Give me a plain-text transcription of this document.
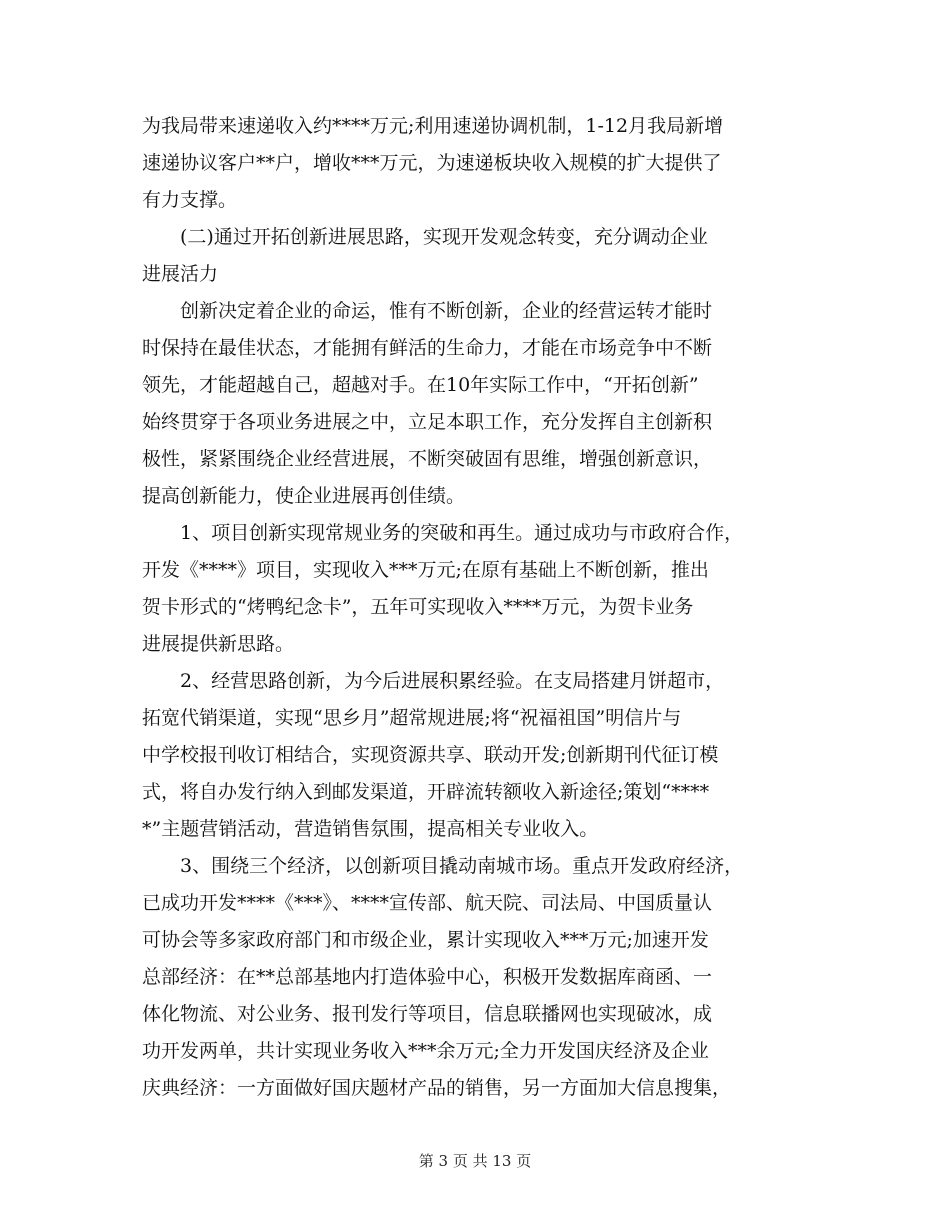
为我局带来速递收入约****万元;利用速递协调机制，1-12月我局新增
速递协议客户**户，增收***万元，为速递板块收入规模的扩大提供了
有力支撑。
(二)通过开拓创新进展思路，实现开发观念转变，充分调动企业
进展活力
创新决定着企业的命运，惟有不断创新，企业的经营运转才能时
时保持在最佳状态，才能拥有鲜活的生命力，才能在市场竞争中不断
领先，才能超越自己，超越对手。在10年实际工作中，“开拓创新”
始终贯穿于各项业务进展之中，立足本职工作，充分发挥自主创新积
极性，紧紧围绕企业经营进展，不断突破固有思维，增强创新意识，
提高创新能力，使企业进展再创佳绩。
1、项目创新实现常规业务的突破和再生。通过成功与市政府合作，
开发《****》项目，实现收入***万元;在原有基础上不断创新，推出
贺卡形式的“烤鸭纪念卡”，五年可实现收入****万元，为贺卡业务
进展提供新思路。
2、经营思路创新，为今后进展积累经验。在支局搭建月饼超市，
拓宽代销渠道，实现“思乡月”超常规进展;将“祝福祖国”明信片与
中学校报刊收订相结合，实现资源共享、联动开发;创新期刊代征订模
式，将自办发行纳入到邮发渠道，开辟流转额收入新途径;策划“****
*”主题营销活动，营造销售氛围，提高相关专业收入。
3、围绕三个经济，以创新项目撬动南城市场。重点开发政府经济，
已成功开发****《***》、****宣传部、航天院、司法局、中国质量认
可协会等多家政府部门和市级企业，累计实现收入***万元;加速开发
总部经济：在**总部基地内打造体验中心，积极开发数据库商函、一
体化物流、对公业务、报刊发行等项目，信息联播网也实现破冰，成
功开发两单，共计实现业务收入***余万元;全力开发国庆经济及企业
庆典经济：一方面做好国庆题材产品的销售，另一方面加大信息搜集，
第 3 页 共 13 页
